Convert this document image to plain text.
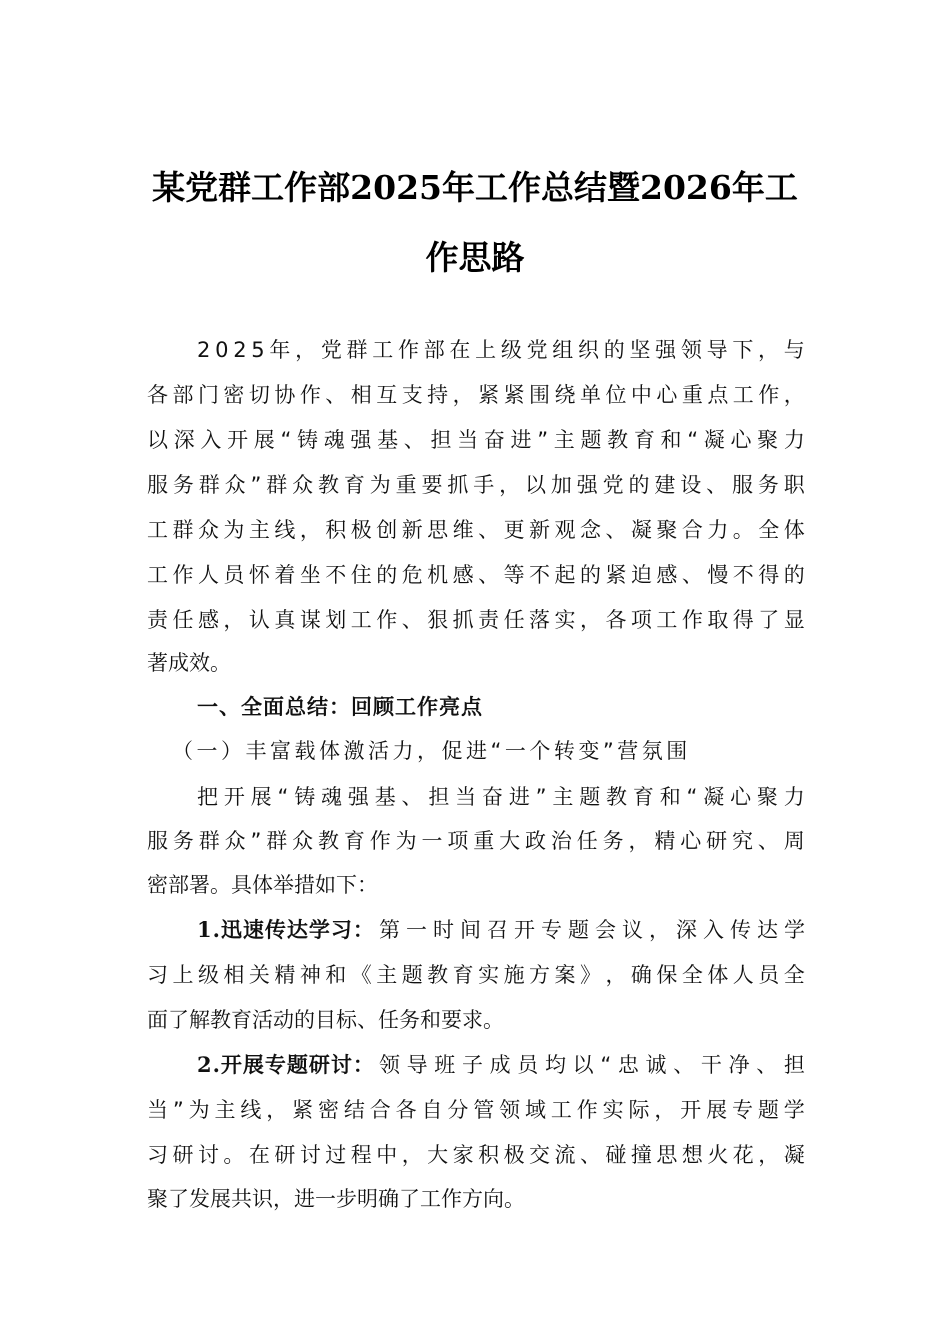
某党群工作部2025年工作总结暨2026年工
作思路
2 0 2 5 年 ， 党 群 工 作 部 在 上 级 党 组 织 的 坚 强 领 导 下 ， 与
各 部 门 密 切 协 作 、 相 互 支 持 ， 紧 紧 围 绕 单 位 中 心 重 点 工 作 ，
以 深 入 开 展 “ 铸 魂 强 基 、 担 当 奋 进 ” 主 题 教 育 和 “ 凝 心 聚 力
服 务 群 众 ” 群 众 教 育 为 重 要 抓 手 ， 以 加 强 党 的 建 设 、 服 务 职
工 群 众 为 主 线 ， 积 极 创 新 思 维 、 更 新 观 念 、 凝 聚 合 力 。 全 体
工 作 人 员 怀 着 坐 不 住 的 危 机 感 、 等 不 起 的 紧 迫 感 、 慢 不 得 的
责 任 感 ， 认 真 谋 划 工 作 、 狠 抓 责 任 落 实 ， 各 项 工 作 取 得 了 显
著成效。
一、全面总结：回顾工作亮点
（一）丰富载体激活力，促进“一个转变”营氛围
把 开 展 “ 铸 魂 强 基 、 担 当 奋 进 ” 主 题 教 育 和 “ 凝 心 聚 力
服 务 群 众 ” 群 众 教 育 作 为 一 项 重 大 政 治 任 务 ， 精 心 研 究 、 周
密部署。具体举措如下：
1.迅速传达学习： 第 一 时 间 召 开 专 题 会 议 ， 深 入 传 达 学
习 上 级 相 关 精 神 和 《 主 题 教 育 实 施 方 案 》 ， 确 保 全 体 人 员 全
面了解教育活动的目标、任务和要求。
2.开展专题研讨： 领 导 班 子 成 员 均 以 “ 忠 诚 、 干 净 、 担
当 ” 为 主 线 ， 紧 密 结 合 各 自 分 管 领 域 工 作 实 际 ， 开 展 专 题 学
习 研 讨 。 在 研 讨 过 程 中 ， 大 家 积 极 交 流 、 碰 撞 思 想 火 花 ， 凝
聚了发展共识，进一步明确了工作方向。
